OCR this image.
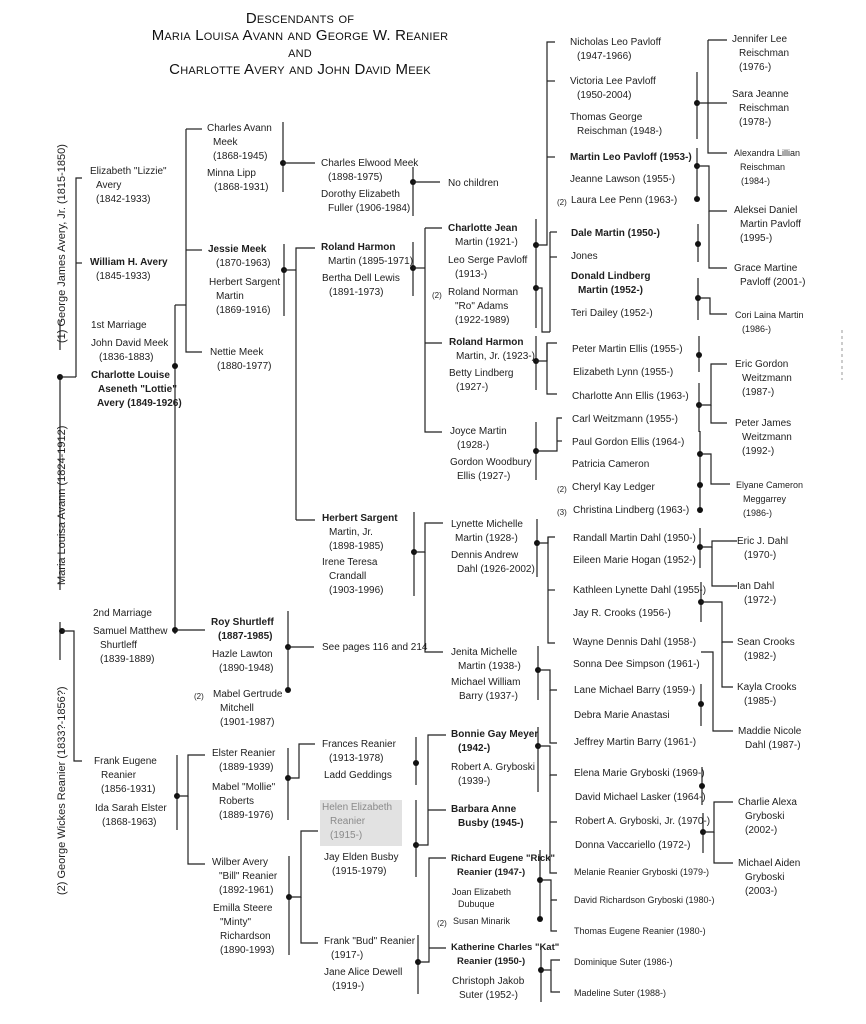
Descendants of
Maria Louisa Avann and George W. Reanier
and
Charlotte Avery and John David Meek
(1) George James Avery, Jr. (1815-1850)
Maria Louisa Avann (1824-1912)
(2) George Wickes Reanier (1833?-1856?)
Elizabeth "Lizzie"
Avery
(1842-1933)
William H. Avery
(1845-1933)
1st Marriage
John David Meek
(1836-1883)
Charlotte Louise
Aseneth "Lottie"
Avery (1849-1926)
2nd Marriage
Samuel Matthew
Shurtleff
(1839-1889)
Frank Eugene
Reanier
(1856-1931)
Ida Sarah Elster
(1868-1963)
Charles Avann
Meek
(1868-1945)
Minna Lipp
(1868-1931)
Jessie Meek
(1870-1963)
Herbert Sargent
Martin
(1869-1916)
Nettie Meek
(1880-1977)
Roy Shurtleff
(1887-1985)
Hazle Lawton
(1890-1948)
(2) Mabel Gertrude
Mitchell
(1901-1987)
Elster Reanier
(1889-1939)
Mabel "Mollie"
Roberts
(1889-1976)
Wilber Avery
"Bill" Reanier
(1892-1961)
Emilla Steere
"Minty"
Richardson
(1890-1993)
Charles Elwood Meek
(1898-1975)
Dorothy Elizabeth
Fuller (1906-1984)
No children
Roland Harmon
Martin (1895-1971)
Bertha Dell Lewis
(1891-1973)
Herbert Sargent
Martin, Jr.
(1898-1985)
Irene Teresa
Crandall
(1903-1996)
See pages 116 and 214
Frances Reanier
(1913-1978)
Ladd Geddings
Helen Elizabeth
Reanier
(1915-)
Jay Elden Busby
(1915-1979)
Frank "Bud" Reanier
(1917-)
Jane Alice Dewell
(1919-)
Charlotte Jean
Martin (1921-)
Leo Serge Pavloff
(1913-)
(2) Roland Norman
"Ro" Adams
(1922-1989)
Roland Harmon
Martin, Jr. (1923-)
Betty Lindberg
(1927-)
Joyce Martin
(1928-)
Gordon Woodbury
Ellis (1927-)
Lynette Michelle
Martin (1928-)
Dennis Andrew
Dahl (1926-2002)
Jenita Michelle
Martin (1938-)
Michael William
Barry (1937-)
Bonnie Gay Meyer
(1942-)
Robert A. Gryboski
(1939-)
Barbara Anne
Busby (1945-)
Richard Eugene "Rick"
Reanier (1947-)
Joan Elizabeth
Dubuque
(2) Susan Minarik
Katherine Charles "Kat"
Reanier (1950-)
Christoph Jakob
Suter (1952-)
Nicholas Leo Pavloff
(1947-1966)
Victoria Lee Pavloff
(1950-2004)
Thomas George
Reischman (1948-)
Martin Leo Pavloff (1953-)
Jeanne Lawson (1955-)
(2) Laura Lee Penn (1963-)
Dale Martin (1950-)
Jones
Donald Lindberg
Martin (1952-)
Teri Dailey (1952-)
Peter Martin Ellis (1955-)
Elizabeth Lynn (1955-)
Charlotte Ann Ellis (1963-)
Carl Weitzmann (1955-)
Paul Gordon Ellis (1964-)
Patricia Cameron
(2) Cheryl Kay Ledger
(3) Christina Lindberg (1963-)
Randall Martin Dahl (1950-)
Eileen Marie Hogan (1952-)
Kathleen Lynette Dahl (1955-)
Jay R. Crooks (1956-)
Wayne Dennis Dahl (1958-)
Sonna Dee Simpson (1961-)
Lane Michael Barry (1959-)
Debra Marie Anastasi
Jeffrey Martin Barry (1961-)
Elena Marie Gryboski (1969-)
David Michael Lasker (1964-)
Robert A. Gryboski, Jr. (1970-)
Donna Vaccariello (1972-)
Melanie Reanier Gryboski (1979-)
David Richardson Gryboski (1980-)
Thomas Eugene Reanier (1980-)
Dominique Suter (1986-)
Madeline Suter (1988-)
Jennifer Lee
Reischman
(1976-)
Sara Jeanne
Reischman
(1978-)
Alexandra Lillian
Reischman
(1984-)
Aleksei Daniel
Martin Pavloff
(1995-)
Grace Martine
Pavloff (2001-)
Cori Laina Martin
(1986-)
Eric Gordon
Weitzmann
(1987-)
Peter James
Weitzmann
(1992-)
Elyane Cameron
Meggarrey
(1986-)
Eric J. Dahl
(1970-)
Ian Dahl
(1972-)
Sean Crooks
(1982-)
Kayla Crooks
(1985-)
Maddie Nicole
Dahl (1987-)
Charlie Alexa
Gryboski
(2002-)
Michael Aiden
Gryboski
(2003-)
